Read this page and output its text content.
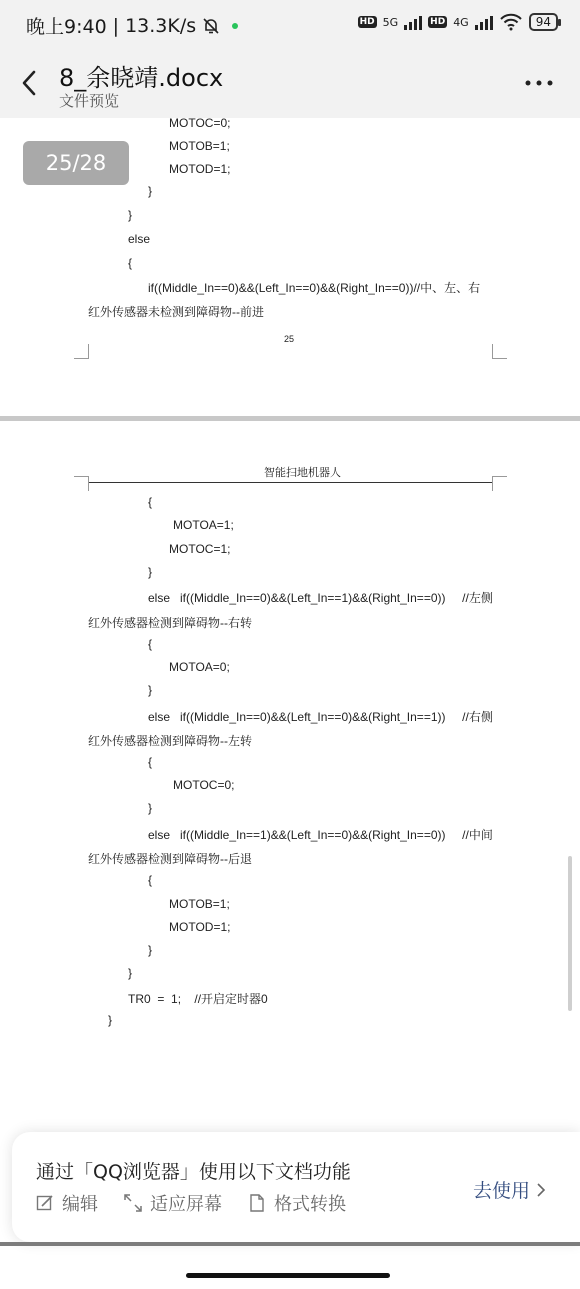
晚上9:40 | 13.3K/s	HD 5G	HD 4G	94
8_余晓靖.docx
文件预览
MOTOC=0;
MOTOB=1;
MOTOD=1;
}
}
else
{
if((Middle_In==0)&&(Left_In==0)&&(Right_In==0))//中、左、右
红外传感器未检测到障碍物--前进
25
智能扫地机器人
{
MOTOA=1;
MOTOC=1;
}
else   if((Middle_In==0)&&(Left_In==1)&&(Right_In==0))     //左侧
红外传感器检测到障碍物--右转
{
MOTOA=0;
}
else   if((Middle_In==0)&&(Left_In==0)&&(Right_In==1))     //右侧
红外传感器检测到障碍物--左转
{
MOTOC=0;
}
else   if((Middle_In==1)&&(Left_In==0)&&(Right_In==0))     //中间
红外传感器检测到障碍物--后退
{
MOTOB=1;
MOTOD=1;
}
}
TR0  =  1;    //开启定时器0
}
25/28
通过「QQ浏览器」使用以下文档功能
编辑	适应屏幕	格式转换
去使用
